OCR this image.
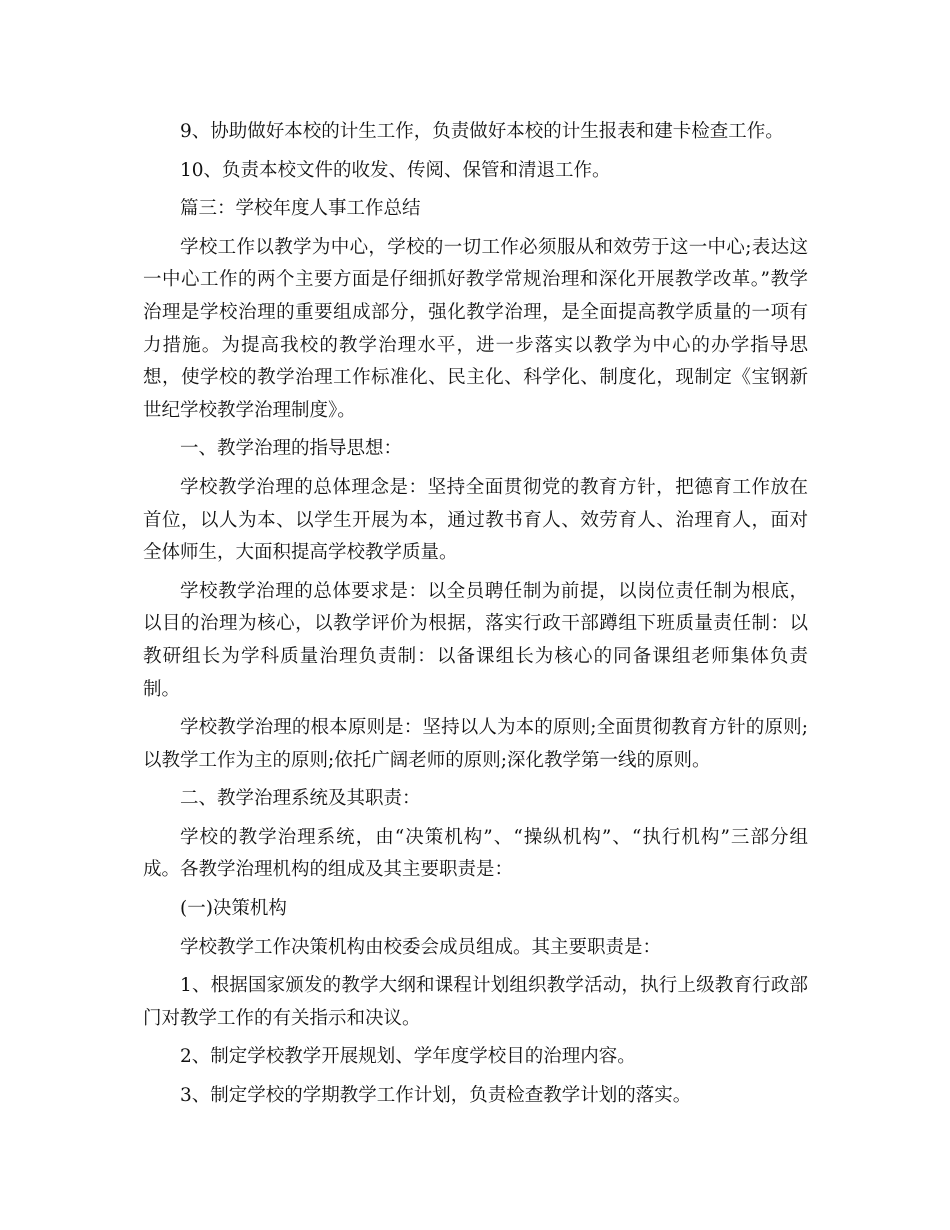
9、协助做好本校的计生工作，负责做好本校的计生报表和建卡检查工作。

10、负责本校文件的收发、传阅、保管和清退工作。

篇三：学校年度人事工作总结

学校工作以教学为中心，学校的一切工作必须服从和效劳于这一中心;表达这一中心工作的两个主要方面是仔细抓好教学常规治理和深化开展教学改革。”教学治理是学校治理的重要组成部分，强化教学治理，是全面提高教学质量的一项有力措施。为提高我校的教学治理水平，进一步落实以教学为中心的办学指导思想，使学校的教学治理工作标准化、民主化、科学化、制度化，现制定《宝钢新世纪学校教学治理制度》。

一、教学治理的指导思想：

学校教学治理的总体理念是：坚持全面贯彻党的教育方针，把德育工作放在首位，以人为本、以学生开展为本，通过教书育人、效劳育人、治理育人，面对全体师生，大面积提高学校教学质量。

学校教学治理的总体要求是：以全员聘任制为前提，以岗位责任制为根底，以目的治理为核心，以教学评价为根据，落实行政干部蹲组下班质量责任制：以教研组长为学科质量治理负责制：以备课组长为核心的同备课组老师集体负责制。

学校教学治理的根本原则是：坚持以人为本的原则;全面贯彻教育方针的原则;以教学工作为主的原则;依托广阔老师的原则;深化教学第一线的原则。

二、教学治理系统及其职责：

学校的教学治理系统，由“决策机构”、“操纵机构”、“执行机构”三部分组成。各教学治理机构的组成及其主要职责是：

(一)决策机构

学校教学工作决策机构由校委会成员组成。其主要职责是：

1、根据国家颁发的教学大纲和课程计划组织教学活动，执行上级教育行政部门对教学工作的有关指示和决议。

2、制定学校教学开展规划、学年度学校目的治理内容。

3、制定学校的学期教学工作计划，负责检查教学计划的落实。
